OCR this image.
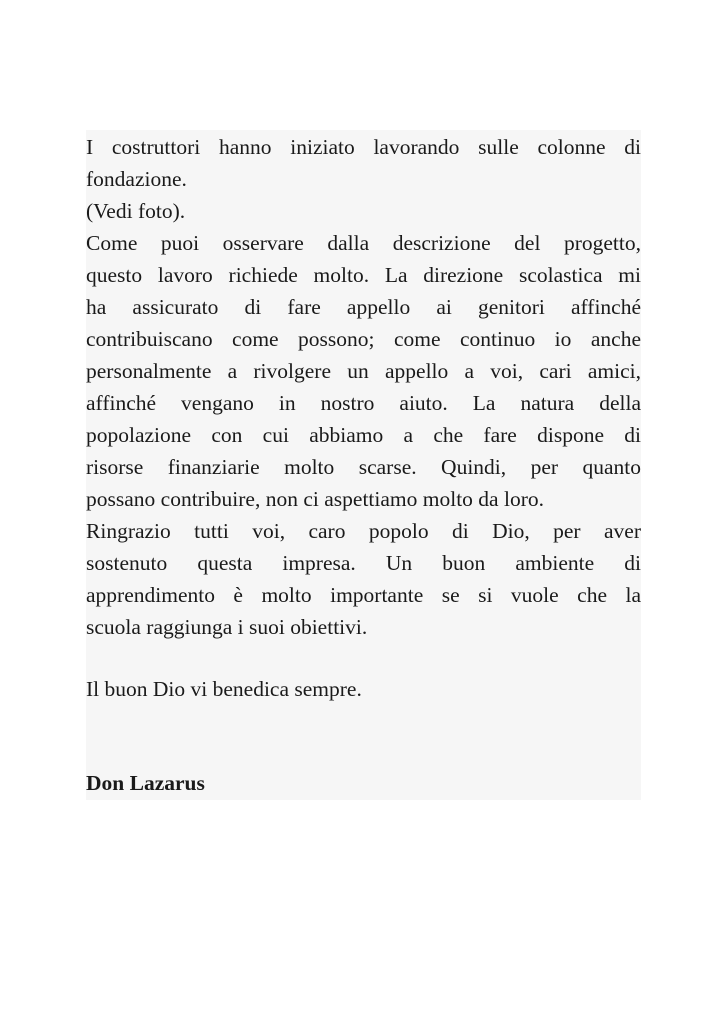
I costruttori hanno iniziato lavorando sulle colonne di
fondazione.
(Vedi foto).
Come puoi osservare dalla descrizione del progetto,
questo lavoro richiede molto. La direzione scolastica mi
ha assicurato di fare appello ai genitori affinché
contribuiscano come possono; come continuo io anche
personalmente a rivolgere un appello a voi, cari amici,
affinché vengano in nostro aiuto. La natura della
popolazione con cui abbiamo a che fare dispone di
risorse finanziarie molto scarse. Quindi, per quanto
possano contribuire, non ci aspettiamo molto da loro.
Ringrazio tutti voi, caro popolo di Dio, per aver
sostenuto questa impresa. Un buon ambiente di
apprendimento è molto importante se si vuole che la
scuola raggiunga i suoi obiettivi.
Il buon Dio vi benedica sempre.
Don Lazarus
